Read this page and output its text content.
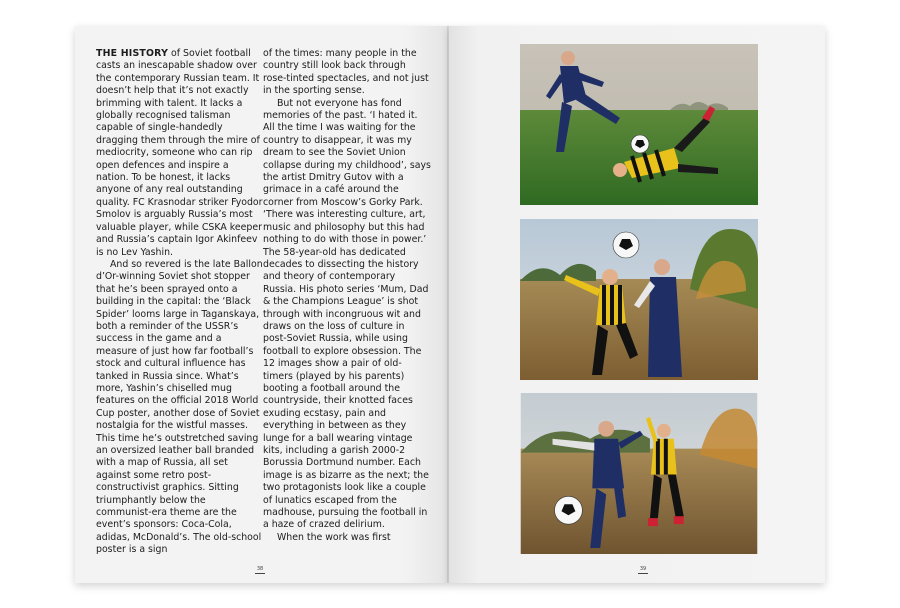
THE HISTORY of Soviet football casts an inescapable shadow over the contemporary Russian team. It doesn’t help that it’s not exactly brimming with talent. It lacks a globally recognised talisman capable of single-handedly dragging them through the mire of mediocrity, someone who can rip open defences and inspire a nation. To be honest, it lacks anyone of any real outstanding quality. FC Krasnodar striker Fyodor Smolov is arguably Russia’s most valuable player, while CSKA keeper and Russia’s captain Igor Akinfeev is no Lev Yashin.

And so revered is the late Ballon d’Or-winning Soviet shot stopper that he’s been sprayed onto a building in the capital: the ‘Black Spider’ looms large in Taganskaya, both a reminder of the USSR’s success in the game and a measure of just how far football’s stock and cultural influence has tanked in Russia since. What’s more, Yashin’s chiselled mug features on the official 2018 World Cup poster, another dose of Soviet nostalgia for the wistful masses. This time he’s outstretched saving an oversized leather ball branded with a map of Russia, all set against some retro post-constructivist graphics. Sitting triumphantly below the communist-era theme are the event’s sponsors: Coca-Cola, adidas, McDonald’s. The old-school poster is a sign

of the times: many people in the country still look back through rose-tinted spectacles, and not just in the sporting sense.

But not everyone has fond memories of the past. ‘I hated it. All the time I was waiting for the country to disappear, it was my dream to see the Soviet Union collapse during my childhood’, says the artist Dmitry Gutov with a grimace in a café around the corner from Moscow’s Gorky Park. ‘There was interesting culture, art, music and philosophy but this had nothing to do with those in power.’ The 58-year-old has dedicated decades to dissecting the history and theory of contemporary Russia. His photo series ‘Mum, Dad & the Champions League’ is shot through with incongruous wit and draws on the loss of culture in post-Soviet Russia, while using football to explore obsession. The 12 images show a pair of old-timers (played by his parents) booting a football around the countryside, their knotted faces exuding ecstasy, pain and everything in between as they lunge for a ball wearing vintage kits, including a garish 2000-2 Borussia Dortmund number. Each image is as bizarre as the next; the two protagonists look like a couple of lunatics escaped from the madhouse, pursuing the football in a haze of crazed delirium.

When the work was first

38	39
